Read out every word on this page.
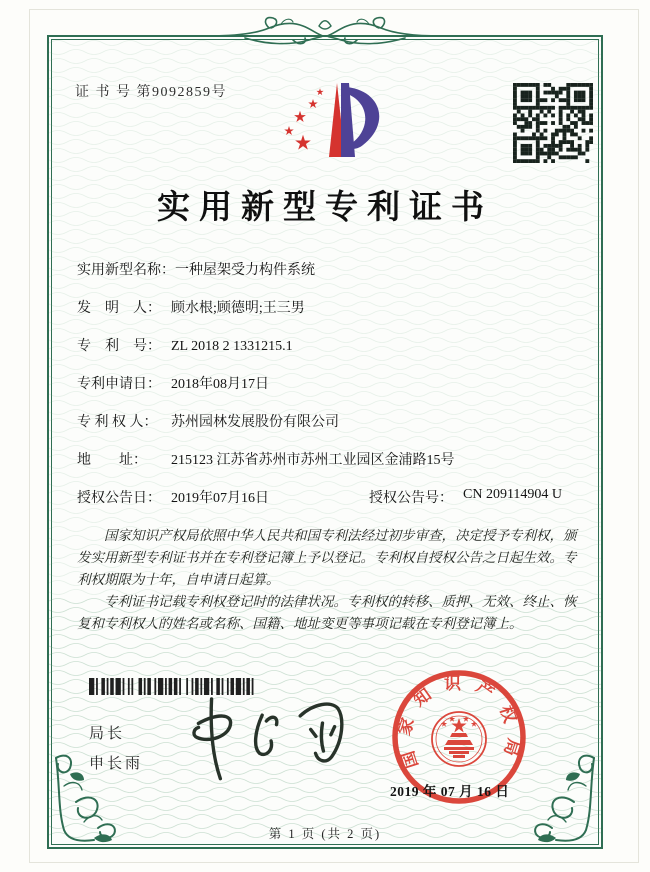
证 书 号 第9092859号
实用新型专利证书
实用新型名称：一种屋架受力构件系统
发　明　人： 顾水根;顾德明;王三男
专　利　号： ZL 2018 2 1331215.1
专利申请日： 2018年08月17日
专 利 权 人： 苏州园林发展股份有限公司
地　　址： 215123 江苏省苏州市苏州工业园区金浦路15号
授权公告日： 2019年07月16日	授权公告号： CN 209114904 U

国家知识产权局依照中华人民共和国专利法经过初步审查，决定授予专利权，颁发实用新型专利证书并在专利登记簿上予以登记。专利权自授权公告之日起生效。专利权期限为十年，自申请日起算。

专利证书记载专利权登记时的法律状况。专利权的转移、质押、无效、终止、恢复和专利权人的姓名或名称、国籍、地址变更等事项记载在专利登记簿上。

局长
申长雨	国家知识产权局
2019 年 07 月 16 日
第 1 页 (共 2 页)
